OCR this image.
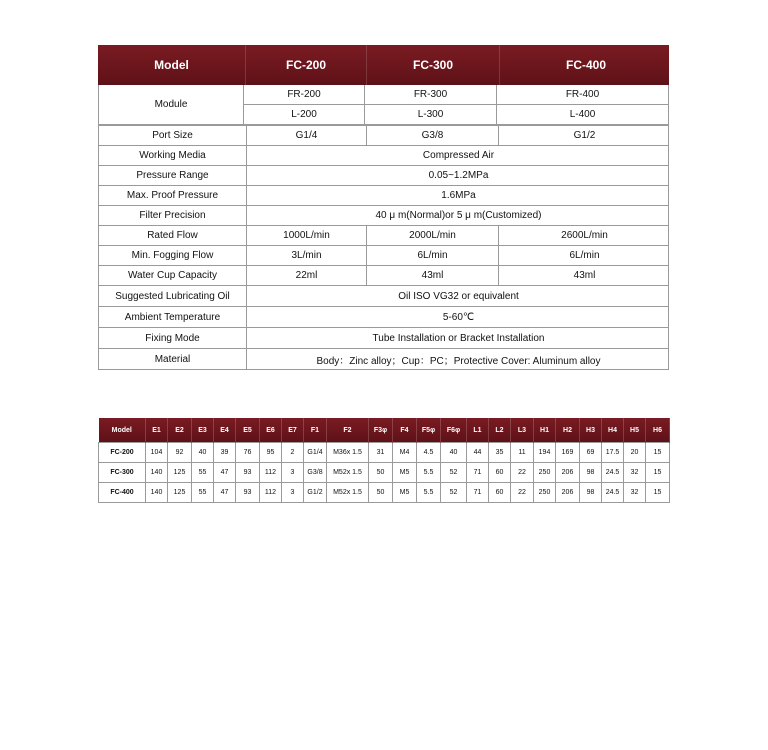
Model	FC-200	FC-300	FC-400
Module
FR-200	FR-300	FR-400
L-200	L-300	L-400
Port Size	G1/4	G3/8	G1/2
Working Media	Compressed Air
Pressure Range	0.05~1.2MPa
Max. Proof Pressure	1.6MPa
Filter Precision	40 μ m(Normal)or 5 μ m(Customized)
Rated Flow	1000L/min	2000L/min	2600L/min
Min. Fogging Flow	3L/min	6L/min	6L/min
Water Cup Capacity	22ml	43ml	43ml
Suggested Lubricating Oil	Oil ISO VG32 or equivalent
Ambient Temperature	5-60℃
Fixing Mode	Tube Installation or Bracket Installation
Material	Body：Zinc alloy；Cup：PC；Protective Cover: Aluminum alloy
Model	E1	E2	E3	E4	E5	E6	E7	F1	F2	F3φ	F4	F5φ	F6φ	L1	L2	L3	H1	H2	H3	H4	H5	H6
FC-200	104	92	40	39	76	95	2	G1/4	M36x 1.5	31	M4	4.5	40	44	35	11	194	169	69	17.5	20	15
FC-300	140	125	55	47	93	112	3	G3/8	M52x 1.5	50	M5	5.5	52	71	60	22	250	206	98	24.5	32	15
FC-400	140	125	55	47	93	112	3	G1/2	M52x 1.5	50	M5	5.5	52	71	60	22	250	206	98	24.5	32	15
